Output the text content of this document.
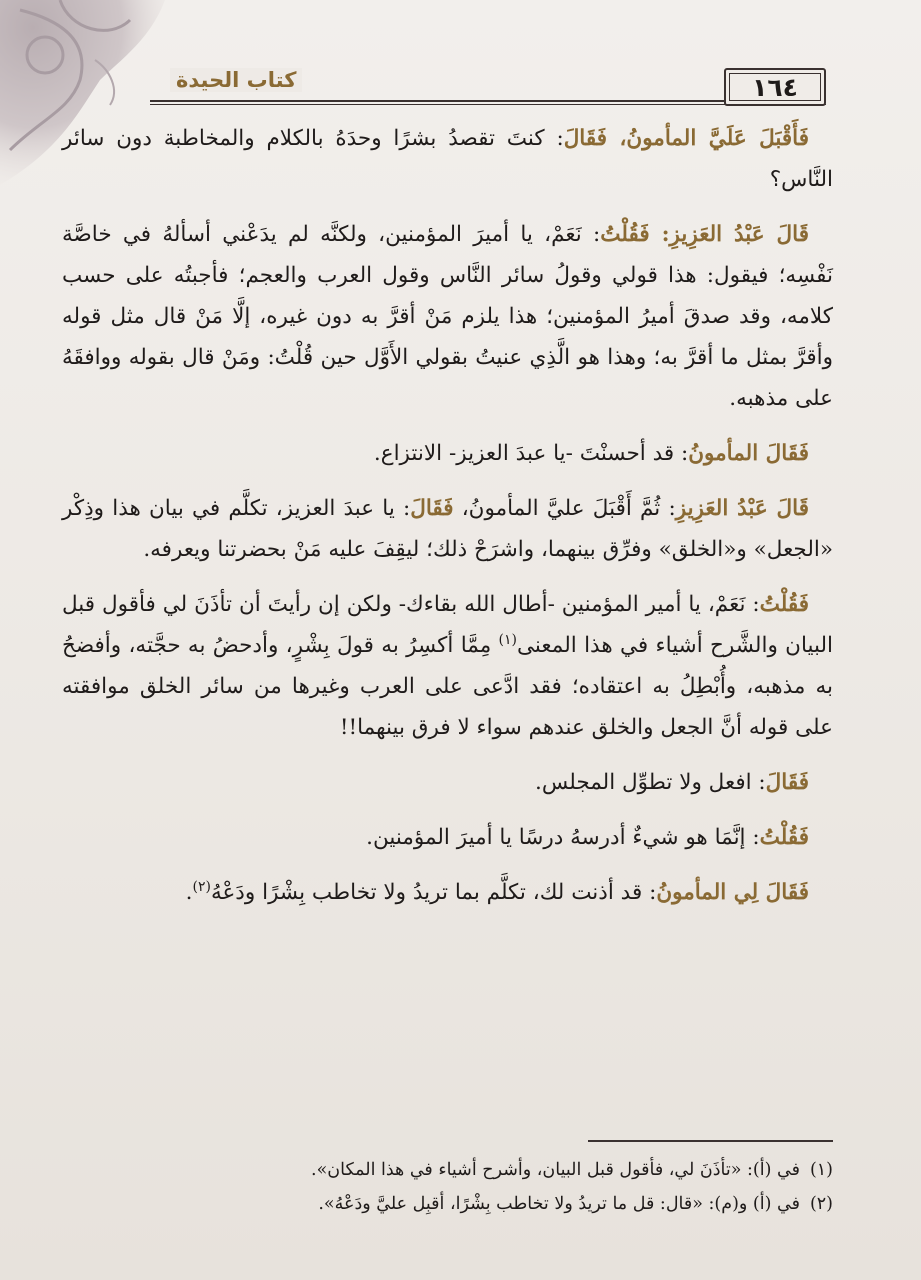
١٦٤
كتاب الحيدة

فَأَقْبَلَ عَلَيَّ المأمونُ، فَقَالَ: كنتَ تقصدُ بشرًا وحدَهُ بالكلام والمخاطبة دون سائر النَّاس؟

قَالَ عَبْدُ العَزِيزِ: فَقُلْتُ: نَعَمْ، يا أميرَ المؤمنين، ولكنَّه لم يدَعْني أسألهُ في خاصَّة نَفْسِه؛ فيقول: هذا قولي وقولُ سائر النَّاس وقول العرب والعجم؛ فأجبتُه على حسب كلامه، وقد صدقَ أميرُ المؤمنين؛ هذا يلزم مَنْ أقرَّ به دون غيره، إلَّا مَنْ قال مثل قوله وأقرَّ بمثل ما أقرَّ به؛ وهذا هو الَّذِي عنيتُ بقولي الأَوَّل حين قُلْتُ: ومَنْ قال بقوله ووافقَهُ على مذهبه.

فَقَالَ المأمونُ: قد أحسنْتَ -يا عبدَ العزيز- الانتزاع.

قَالَ عَبْدُ العَزِيزِ: ثُمَّ أَقْبَلَ عليَّ المأمونُ، فَقَالَ: يا عبدَ العزيز، تكلَّم في بيان هذا وذِكْر «الجعل» و«الخلق» وفرِّق بينهما، واشرَحْ ذلك؛ ليقِفَ عليه مَنْ بحضرتنا ويعرفه.

فَقُلْتُ: نَعَمْ، يا أمير المؤمنين -أطال الله بقاءك- ولكن إن رأيتَ أن تأذَنَ لي فأقول قبل البيان والشَّرح أشياء في هذا المعنى$^{(١)}$ مِمَّا أكسِرُ به قولَ بِشْرٍ، وأدحضُ به حجَّته، وأفضحُ به مذهبه، وأُبْطِلُ به اعتقاده؛ فقد ادَّعى على العرب وغيرها من سائر الخلق موافقته على قوله أنَّ الجعل والخلق عندهم سواء لا فرق بينهما!!

فَقَالَ: افعل ولا تطوِّل المجلس.

فَقُلْتُ: إنَّمَا هو شيءٌ أدرسهُ درسًا يا أميرَ المؤمنين.

فَقَالَ لِي المأمونُ: قد أذنت لك، تكلَّم بما تريدُ ولا تخاطب بِشْرًا ودَعْهُ$^{(٢)}$.

(١)في (أ): «تأذَنَ لي، فأقول قبل البيان، وأشرح أشياء في هذا المكان».

(٢)في (أ) و(م): «قال: قل ما تريدُ ولا تخاطب بِشْرًا، أقبِل عليَّ ودَعْهُ».
